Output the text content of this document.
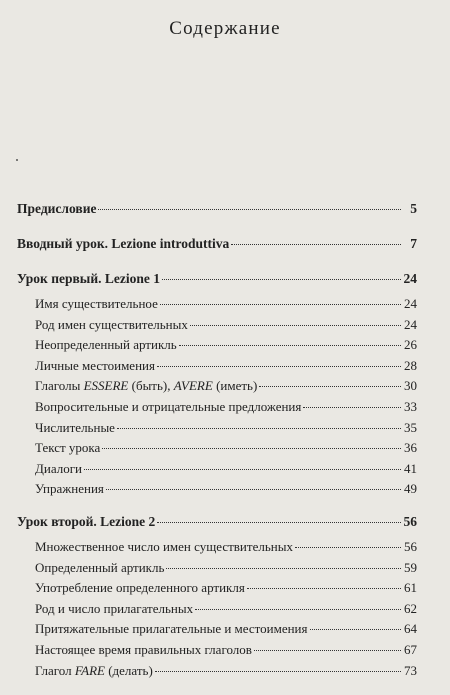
Содержание
Предисловие	5
Вводный урок. Lezione introduttiva	7
Урок первый. Lezione 1	24
Имя существительное	24
Род имен существительных	24
Неопределенный артикль	26
Личные местоимения	28
Глаголы ESSERE (быть), AVERE (иметь)	30
Вопросительные и отрицательные предложения	33
Числительные	35
Текст урока	36
Диалоги	41
Упражнения	49
Урок второй. Lezione 2	56
Множественное число имен существительных	56
Определенный артикль	59
Употребление определенного артикля	61
Род и число прилагательных	62
Притяжательные прилагательные и местоимения	64
Настоящее время правильных глаголов	67
Глагол FARE (делать)	73
